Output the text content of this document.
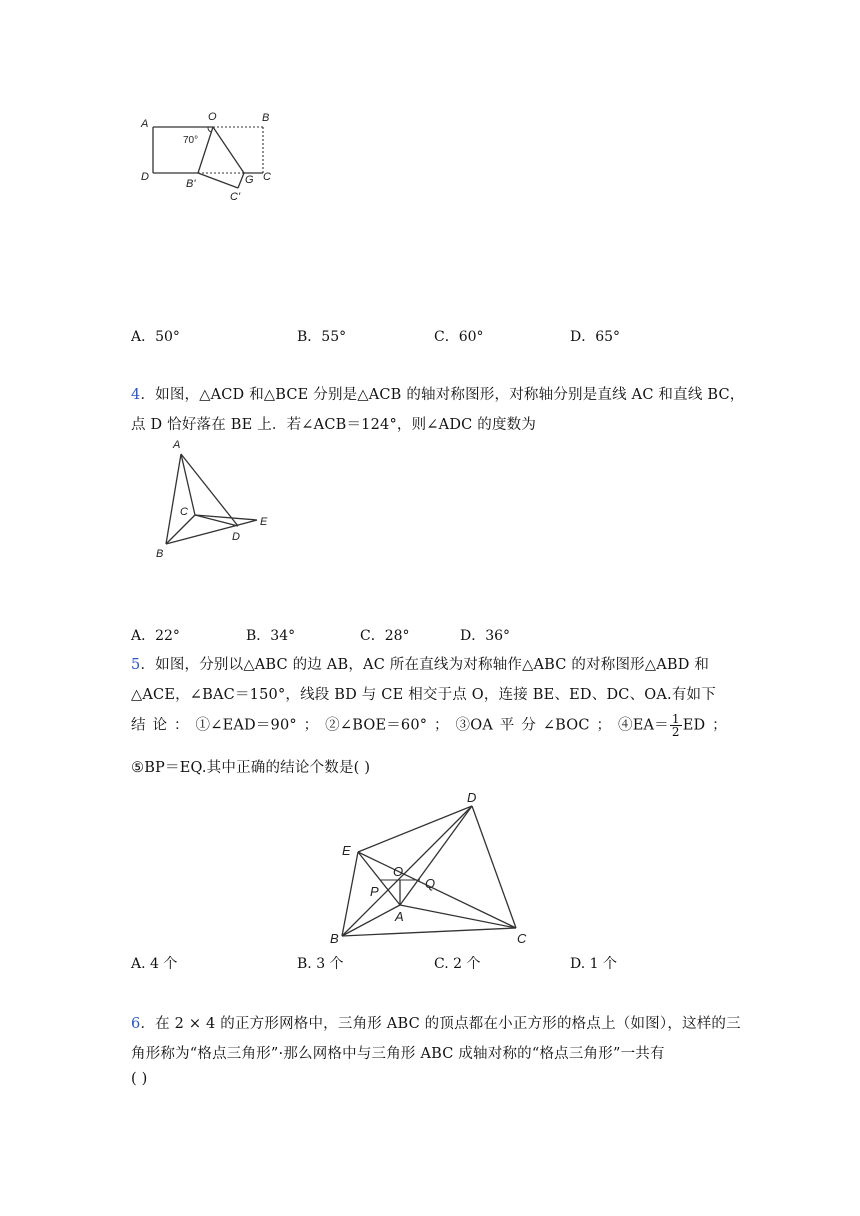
A
O	B
70°
D
B'	G C
C'
A．50°	B．55°	C．60°	D．65°
4．如图，△ACD 和△BCE 分别是△ACB 的轴对称图形，对称轴分别是直线 AC 和直线 BC，
点 D 恰好落在 BE 上．若∠ACB＝124°，则∠ADC 的度数为
A
C
E
D
B
A．22°	B．34°	C．28°	D．36°
5．如图，分别以△ABC 的边 AB，AC 所在直线为对称轴作△ABC 的对称图形△ABD 和
△ACE，∠BAC＝150°，线段 BD 与 CE 相交于点 O，连接 BE、ED、DC、OA.有如下
结 论 ： ①∠EAD＝90° ； ②∠BOE＝60° ； ③OA 平 分 ∠BOC ； ④EA＝ $\frac{1}{2}$ ED ；
⑤BP＝EQ.其中正确的结论个数是( )
D
E
O
P
Q
A
B	C
A. 4 个	B. 3 个	C. 2 个	D. 1 个
6．在 2 × 4 的正方形网格中，三角形 ABC 的顶点都在小正方形的格点上（如图），这样的三
角形称为“格点三角形”·那么网格中与三角形 ABC 成轴对称的“格点三角形”一共有
( )
